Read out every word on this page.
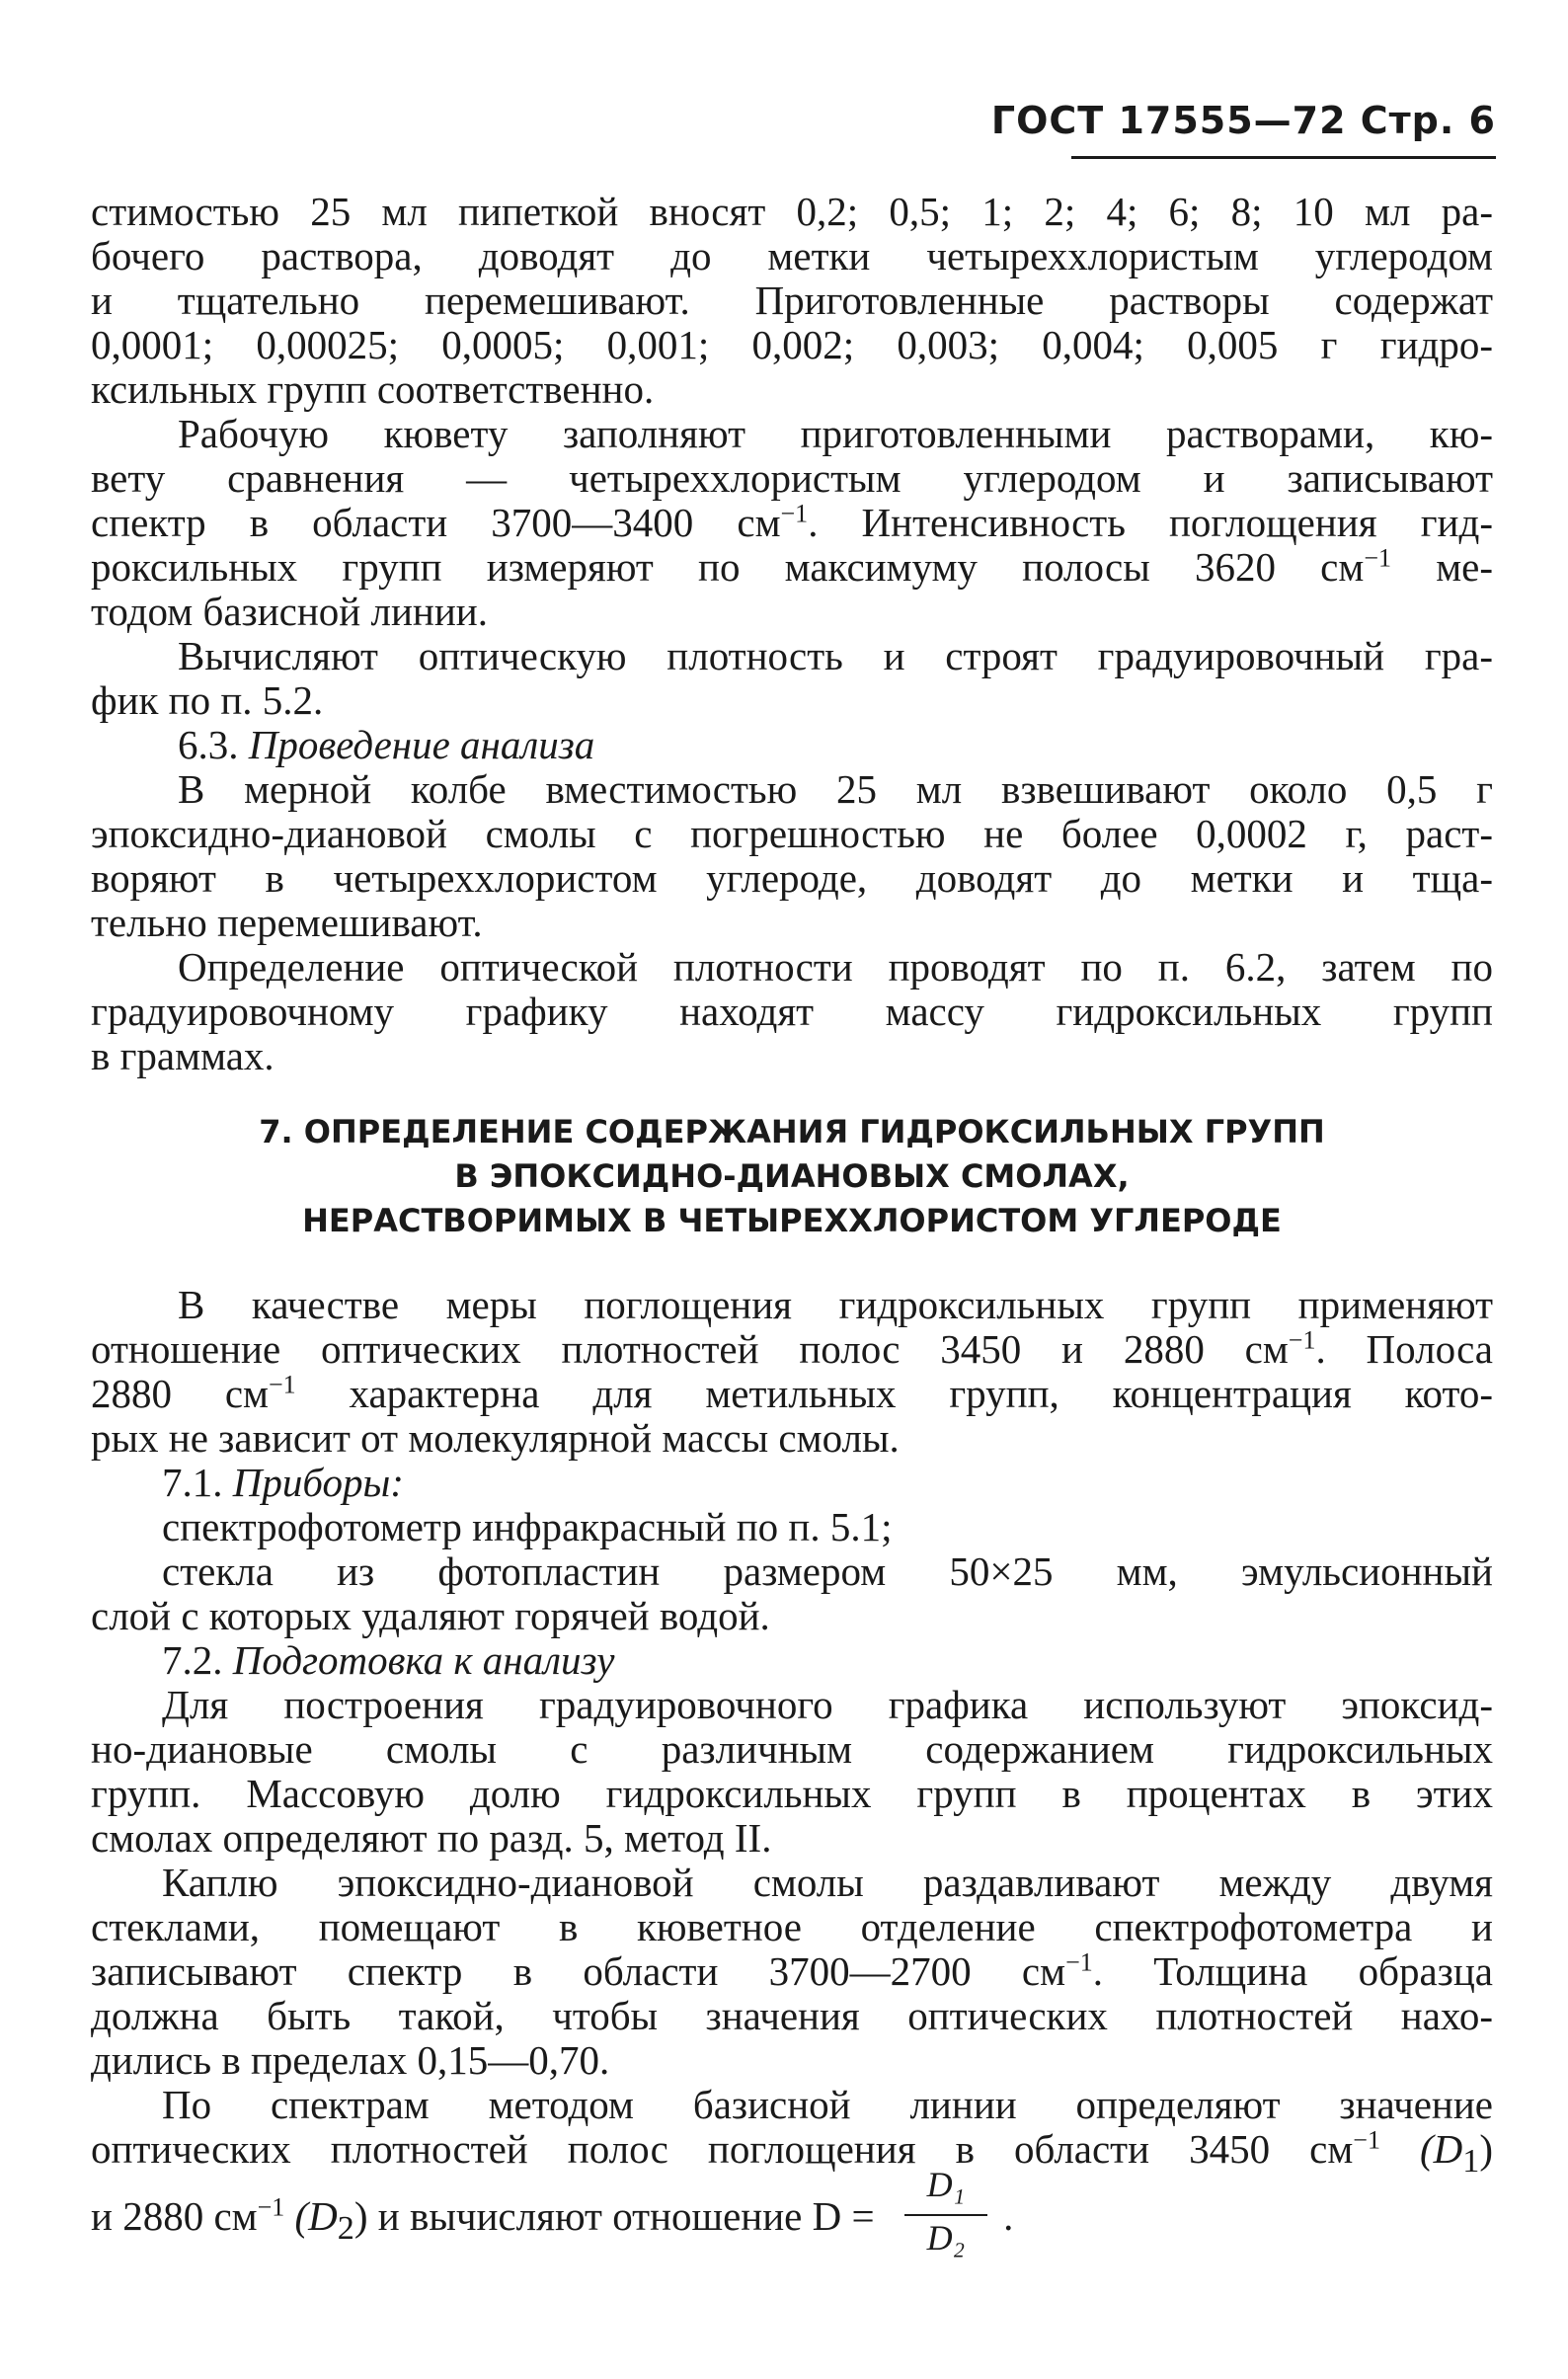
ГОСТ 17555—72 Стр. 6
стимостью 25 мл пипеткой вносят 0,2; 0,5; 1; 2; 4; 6; 8; 10 мл ра-
бочего раствора, доводят до метки четыреххлористым углеродом
и тщательно перемешивают. Приготовленные растворы содержат
0,0001; 0,00025; 0,0005; 0,001; 0,002; 0,003; 0,004; 0,005 г гидро-
ксильных групп соответственно.
Рабочую кювету заполняют приготовленными растворами, кю-
вету сравнения — четыреххлористым углеродом и записывают
спектр в области 3700—3400 $см^{-1}$. Интенсивность поглощения гид-
роксильных групп измеряют по максимуму полосы 3620 $см^{-1}$ ме-
тодом базисной линии.
Вычисляют оптическую плотность и строят градуировочный гра-
фик по п. 5.2.
6.3. Проведение анализа
В мерной колбе вместимостью 25 мл взвешивают около 0,5 г
эпоксидно-диановой смолы с погрешностью не более 0,0002 г, раст-
воряют в четыреххлористом углероде, доводят до метки и тща-
тельно перемешивают.
Определение оптической плотности проводят по п. 6.2, затем по
градуировочному графику находят массу гидроксильных групп
в граммах.
7. ОПРЕДЕЛЕНИЕ СОДЕРЖАНИЯ ГИДРОКСИЛЬНЫХ ГРУПП
В ЭПОКСИДНО-ДИАНОВЫХ СМОЛАХ,
НЕРАСТВОРИМЫХ В ЧЕТЫРЕХХЛОРИСТОМ УГЛЕРОДЕ
В качестве меры поглощения гидроксильных групп применяют
отношение оптических плотностей полос 3450 и 2880 $см^{-1}$. Полоса
2880 $см^{-1}$ характерна для метильных групп, концентрация кото-
рых не зависит от молекулярной массы смолы.
7.1. Приборы:
спектрофотометр инфракрасный по п. 5.1;
стекла из фотопластин размером 50×25 мм, эмульсионный
слой с которых удаляют горячей водой.
7.2. Подготовка к анализу
Для построения градуировочного графика используют эпоксид-
но-диановые смолы с различным содержанием гидроксильных
групп. Массовую долю гидроксильных групп в процентах в этих
смолах определяют по разд. 5, метод II.
Каплю эпоксидно-диановой смолы раздавливают между двумя
стеклами, помещают в кюветное отделение спектрофотометра и
записывают спектр в области 3700—2700 $см^{-1}$. Толщина образца
должна быть такой, чтобы значения оптических плотностей нахо-
дились в пределах 0,15—0,70.
По спектрам методом базисной линии определяют значение
оптических плотностей полос поглощения в области 3450 $см^{-1}$ $(D_1)$
и 2880 $см^{-1}$ $(D_2)$ и вычисляют отношение $D = \frac{\text{D₁}}{\text{D₂}}$ .
